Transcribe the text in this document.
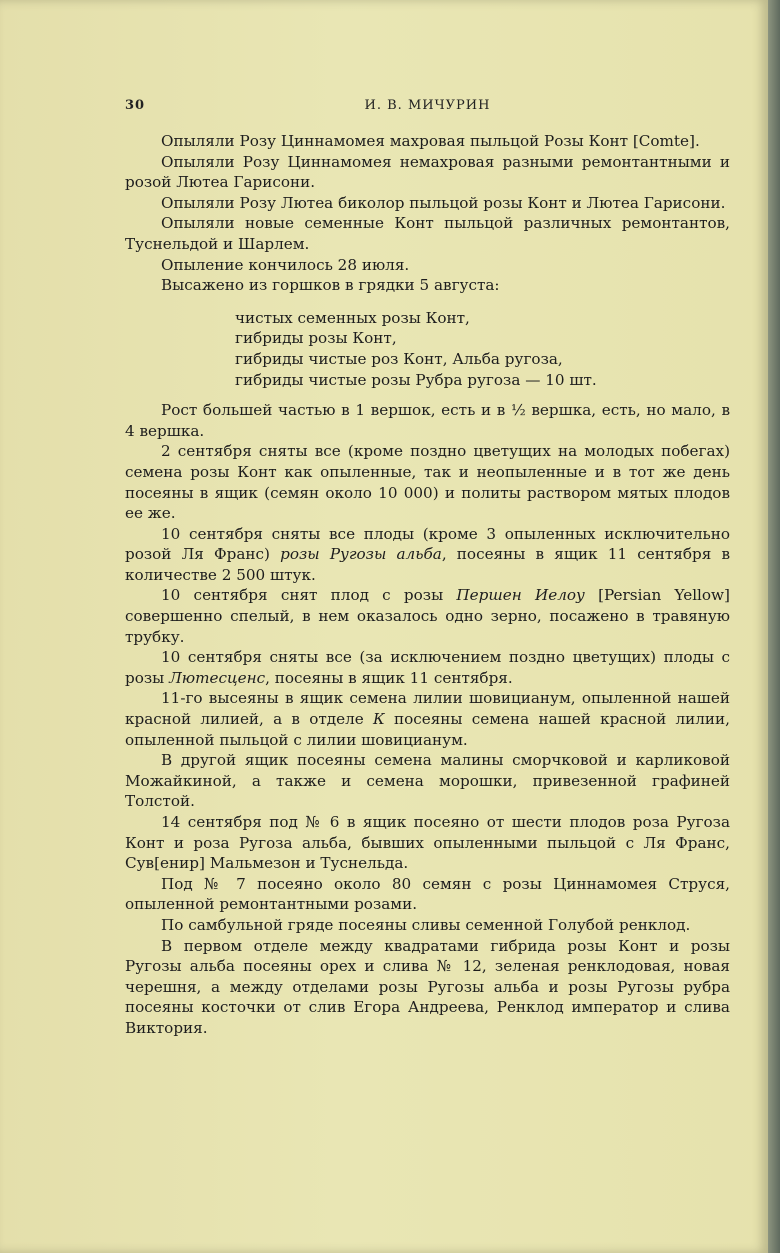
30	И. В. МИЧУРИН

Опыляли Розу Циннамомея махровая пыльцой Розы Конт [Comte].

Опыляли Розу Циннамомея немахровая разными ремонтантными и розой Лютеа Гарисони.

Опыляли Розу Лютеа биколор пыльцой розы Конт и Лютеа Гарисони.

Опыляли новые семенные Конт пыльцой различных ремонтантов, Туснельдой и Шарлем.

Опыление кончилось 28 июля.

Высажено из горшков в грядки 5 августа:

чистых семенных розы Конт,
гибриды розы Конт,
гибриды чистые роз Конт, Альба ругоза,
гибриды чистые розы Рубра ругоза — 10 шт.

Рост большей частью в 1 вершок, есть и в ½ вершка, есть, но мало, в 4 вершка.

2 сентября сняты все (кроме поздно цветущих на молодых побегах) семена розы Конт как опыленные, так и неопыленные и в тот же день посеяны в ящик (семян около 10 000) и политы раствором мятых плодов ее же.

10 сентября сняты все плоды (кроме 3 опыленных исключительно розой Ля Франс) розы Ругозы альба, посеяны в ящик 11 сентября в количестве 2 500 штук.

10 сентября снят плод с розы Першен Иелоу [Persian Yellow] совершенно спелый, в нем оказалось одно зерно, посажено в травяную трубку.

10 сентября сняты все (за исключением поздно цветущих) плоды с розы Лютесценс, посеяны в ящик 11 сентября.

11-го высеяны в ящик семена лилии шовицианум, опыленной нашей красной лилией, а в отделе К посеяны семена нашей красной лилии, опыленной пыльцой с лилии шовицианум.

В другой ящик посеяны семена малины сморчковой и карликовой Можайкиной, а также и семена морошки, привезенной графиней Толстой.

14 сентября под № 6 в ящик посеяно от шести плодов роза Ругоза Конт и роза Ругоза альба, бывших опыленными пыльцой с Ля Франс, Сув[енир] Мальмезон и Туснельда.

Под № 7 посеяно около 80 семян с розы Циннамомея Струся, опыленной ремонтантными розами.

По самбульной гряде посеяны сливы семенной Голубой ренклод.

В первом отделе между квадратами гибрида розы Конт и розы Ругозы альба посеяны орех и слива № 12, зеленая ренклодовая, новая черешня, а между отделами розы Ругозы альба и розы Ругозы рубра посеяны косточки от слив Егора Андреева, Ренклод император и слива Виктория.
